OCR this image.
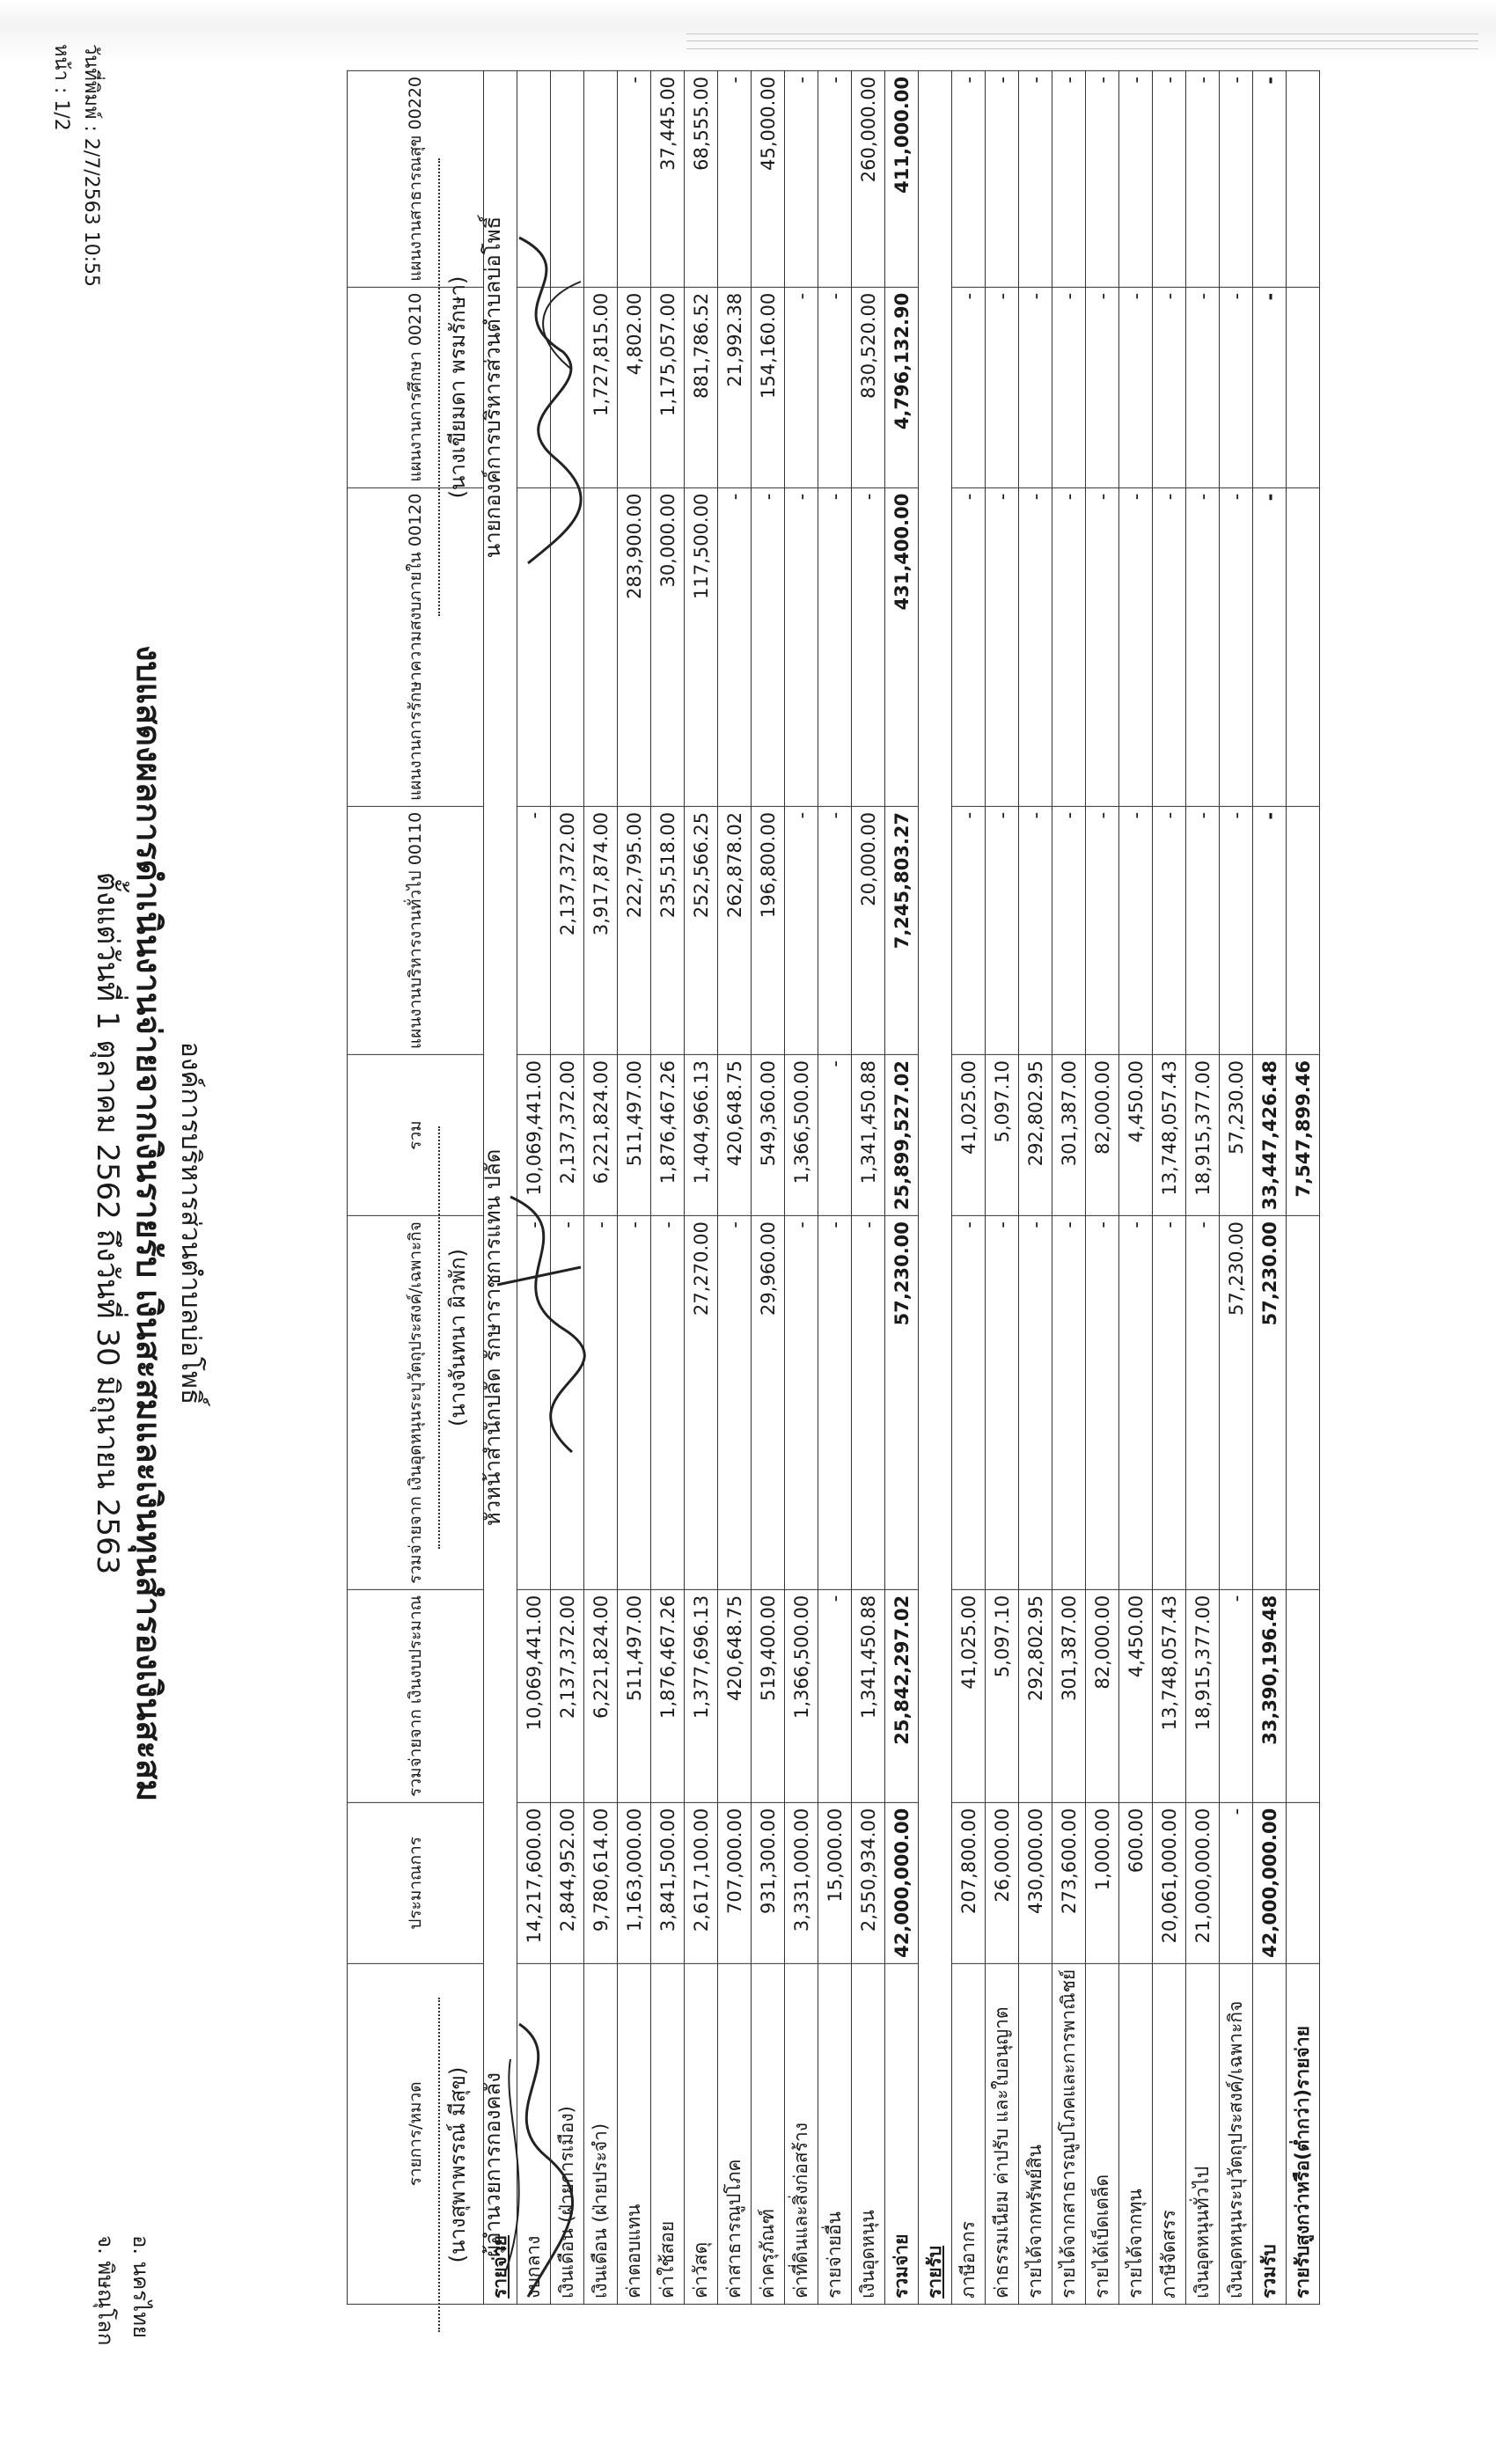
วันที่พิมพ์ : 2/7/2563 10:55
หน้า : 1/2
องค์การบริหารส่วนตำบลบ่อโพธิ์
งบแสดงผลการดำเนินงานจ่ายจากเงินรายรับ เงินสะสมและเงินทุนสำรองเงินสะสม
ตั้งแต่วันที่ 1 ตุลาคม 2562 ถึงวันที่ 30 มิถุนายน 2563
อ. นครไทย
จ. พิษณุโลก
รายการ/หมวด	ประมาณการ	รวมจ่ายจาก เงินงบประมาณ	รวมจ่ายจาก เงินอุดหนุนระบุวัตถุประสงค์/เฉพาะกิจ	รวม	แผนงานบริหารงานทั่วไป 00110	แผนงานการรักษาความสงบภายใน 00120	แผนงานการศึกษา 00210	แผนงานสาธารณสุข 00220
รายจ่าย								
งบกลาง	14,217,600.00	10,069,441.00	-	10,069,441.00	-			
เงินเดือน (ฝ่ายการเมือง)	2,844,952.00	2,137,372.00	-	2,137,372.00	2,137,372.00			
เงินเดือน (ฝ่ายประจำ)	9,780,614.00	6,221,824.00	-	6,221,824.00	3,917,874.00		1,727,815.00	
ค่าตอบแทน	1,163,000.00	511,497.00	-	511,497.00	222,795.00	283,900.00	4,802.00	-
ค่าใช้สอย	3,841,500.00	1,876,467.26	-	1,876,467.26	235,518.00	30,000.00	1,175,057.00	37,445.00
ค่าวัสดุ	2,617,100.00	1,377,696.13	27,270.00	1,404,966.13	252,566.25	117,500.00	881,786.52	68,555.00
ค่าสาธารณูปโภค	707,000.00	420,648.75	-	420,648.75	262,878.02	-	21,992.38	-
ค่าครุภัณฑ์	931,300.00	519,400.00	29,960.00	549,360.00	196,800.00	-	154,160.00	45,000.00
ค่าที่ดินและสิ่งก่อสร้าง	3,331,000.00	1,366,500.00	-	1,366,500.00	-	-	-	-
รายจ่ายอื่น	15,000.00	-	-	-	-	-	-	-
เงินอุดหนุน	2,550,934.00	1,341,450.88	-	1,341,450.88	20,000.00	-	830,520.00	260,000.00
รวมจ่าย	42,000,000.00	25,842,297.02	57,230.00	25,899,527.02	7,245,803.27	431,400.00	4,796,132.90	411,000.00
รายรับ								
ภาษีอากร	207,800.00	41,025.00	-	41,025.00	-	-	-	-
ค่าธรรมเนียม ค่าปรับ และใบอนุญาต	26,000.00	5,097.10	-	5,097.10	-	-	-	-
รายได้จากทรัพย์สิน	430,000.00	292,802.95	-	292,802.95	-	-	-	-
รายได้จากสาธารณูปโภคและการพาณิชย์	273,600.00	301,387.00	-	301,387.00	-	-	-	-
รายได้เบ็ดเตล็ด	1,000.00	82,000.00	-	82,000.00	-	-	-	-
รายได้จากทุน	600.00	4,450.00	-	4,450.00	-	-	-	-
ภาษีจัดสรร	20,061,000.00	13,748,057.43	-	13,748,057.43	-	-	-	-
เงินอุดหนุนทั่วไป	21,000,000.00	18,915,377.00	-	18,915,377.00	-	-	-	-
เงินอุดหนุนระบุวัตถุประสงค์/เฉพาะกิจ	-	-	57,230.00	57,230.00	-	-	-	-
รวมรับ	42,000,000.00	33,390,196.48	57,230.00	33,447,426.48	-	-	-	-
รายรับสูงกว่าหรือ(ต่ำกว่า)รายจ่าย				7,547,899.46				
(นางสุพาพรรณ์ มีสุข) ผู้อำนวยการกองคลัง
(นางจันทนา ผิวพัก) หัวหน้าสำนักปลัด รักษาราชการแทน ปลัด
(นางเขียมดา พรมรักษา) นายกองค์การบริหารส่วนตำบลบ่อโพธิ์
